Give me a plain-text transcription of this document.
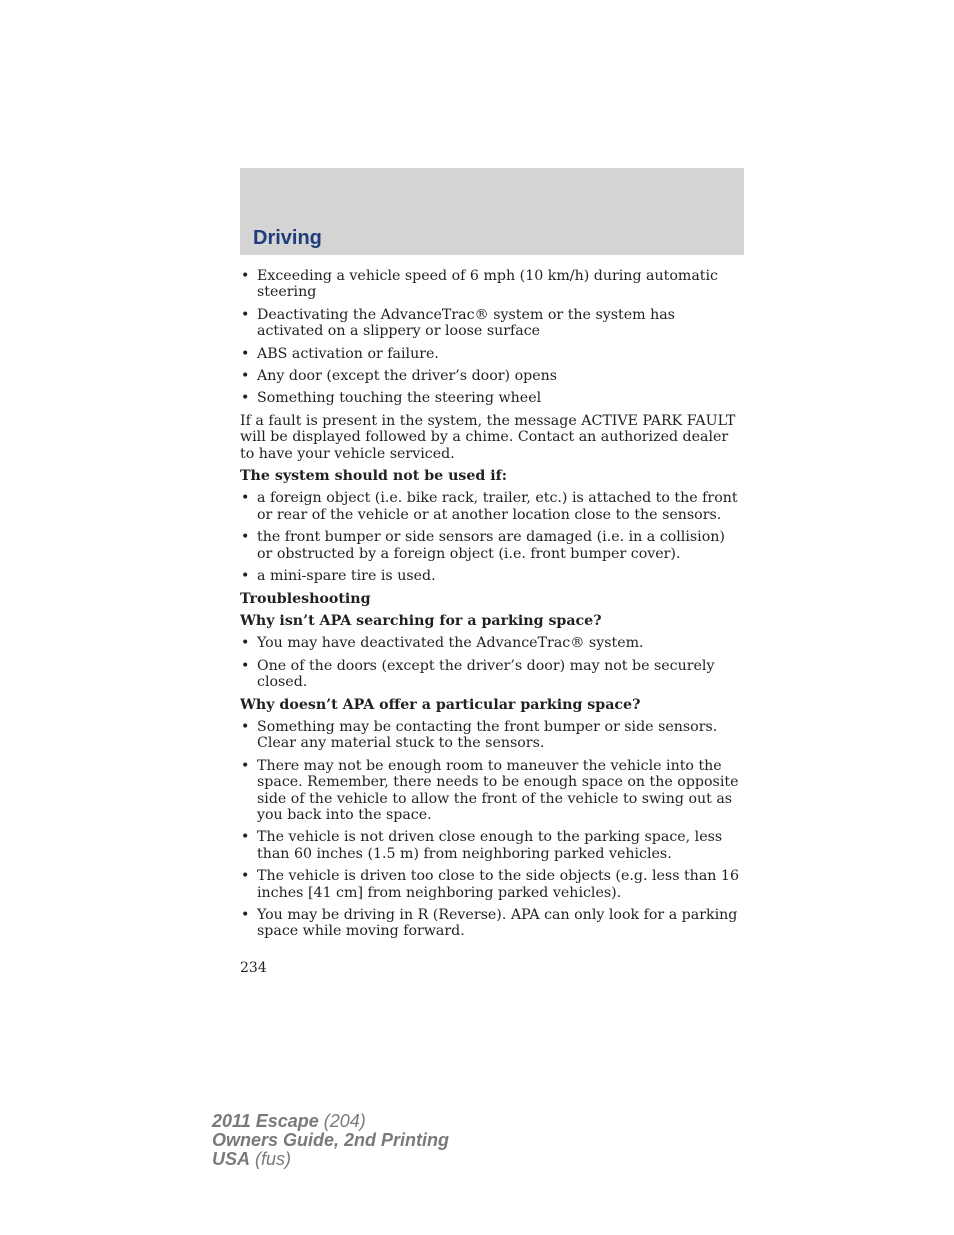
Driving

• Exceeding a vehicle speed of 6 mph (10 km/h) during automatic steering

• Deactivating the AdvanceTrac® system or the system has activated on a slippery or loose surface

• ABS activation or failure.

• Any door (except the driver’s door) opens

• Something touching the steering wheel

If a fault is present in the system, the message ACTIVE PARK FAULT will be displayed followed by a chime. Contact an authorized dealer to have your vehicle serviced.

The system should not be used if:

• a foreign object (i.e. bike rack, trailer, etc.) is attached to the front or rear of the vehicle or at another location close to the sensors.

• the front bumper or side sensors are damaged (i.e. in a collision) or obstructed by a foreign object (i.e. front bumper cover).

• a mini-spare tire is used.

Troubleshooting

Why isn’t APA searching for a parking space?

• You may have deactivated the AdvanceTrac® system.

• One of the doors (except the driver’s door) may not be securely closed.

Why doesn’t APA offer a particular parking space?

• Something may be contacting the front bumper or side sensors. Clear any material stuck to the sensors.

• There may not be enough room to maneuver the vehicle into the space. Remember, there needs to be enough space on the opposite side of the vehicle to allow the front of the vehicle to swing out as you back into the space.

• The vehicle is not driven close enough to the parking space, less than 60 inches (1.5 m) from neighboring parked vehicles.

• The vehicle is driven too close to the side objects (e.g. less than 16 inches [41 cm] from neighboring parked vehicles).

• You may be driving in R (Reverse). APA can only look for a parking space while moving forward.

234
2011 Escape (204)
Owners Guide, 2nd Printing
USA (fus)
